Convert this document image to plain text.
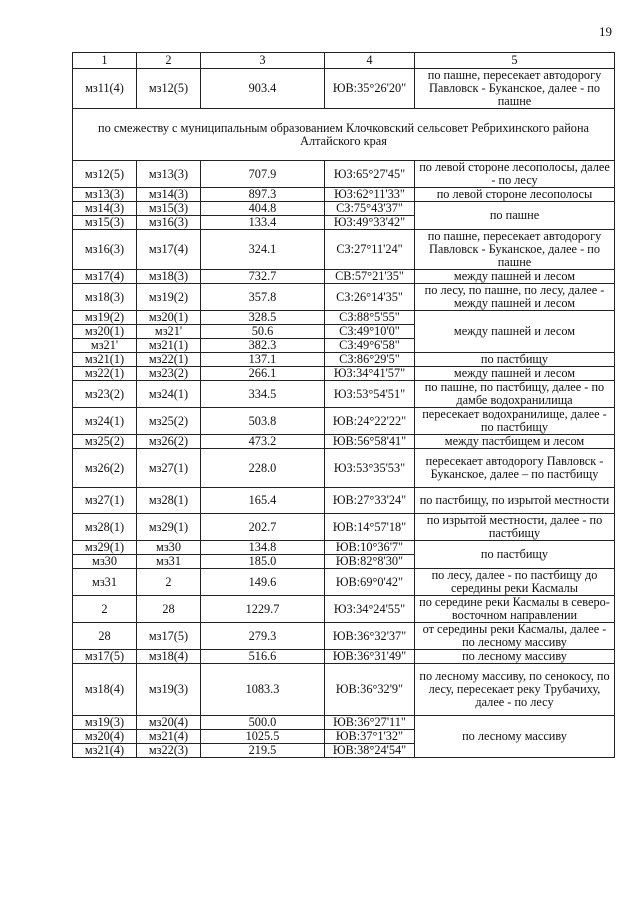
19
1	2	3	4	5
мз11(4)	мз12(5)	903.4	ЮВ:35°26'20"	по пашне, пересекает автодорогу Павловск - Буканское, далее - по пашне
по смежеству с муниципальным образованием Клочковский сельсовет Ребрихинского района Алтайского края				
мз12(5)	мз13(3)	707.9	ЮЗ:65°27'45"	по левой стороне лесополосы, далее - по лесу
мз13(3)	мз14(3)	897.3	ЮЗ:62°11'33"	по левой стороне лесополосы
мз14(3)	мз15(3)	404.8	СЗ:75°43'37"	по пашне
мз15(3)	мз16(3)	133.4	ЮЗ:49°33'42"	
мз16(3)	мз17(4)	324.1	СЗ:27°11'24"	по пашне, пересекает автодорогу Павловск - Буканское, далее - по пашне
мз17(4)	мз18(3)	732.7	СВ:57°21'35"	между пашней и лесом
мз18(3)	мз19(2)	357.8	СЗ:26°14'35"	по лесу, по пашне, по лесу, далее - между пашней и лесом
мз19(2)	мз20(1)	328.5	СЗ:88°5'55"	между пашней и лесом
мз20(1)	мз21'	50.6	СЗ:49°10'0"	
мз21'	мз21(1)	382.3	СЗ:49°6'58"	
мз21(1)	мз22(1)	137.1	СЗ:86°29'5"	по пастбищу
мз22(1)	мз23(2)	266.1	ЮЗ:34°41'57"	между пашней и лесом
мз23(2)	мз24(1)	334.5	ЮЗ:53°54'51"	по пашне, по пастбищу, далее - по дамбе водохранилища
мз24(1)	мз25(2)	503.8	ЮВ:24°22'22"	пересекает водохранилище, далее - по пастбищу
мз25(2)	мз26(2)	473.2	ЮВ:56°58'41"	между пастбищем и лесом
мз26(2)	мз27(1)	228.0	ЮЗ:53°35'53"	пересекает автодорогу Павловск - Буканское, далее – по пастбищу
мз27(1)	мз28(1)	165.4	ЮВ:27°33'24"	по пастбищу, по изрытой местности
мз28(1)	мз29(1)	202.7	ЮВ:14°57'18"	по изрытой местности, далее - по пастбищу
мз29(1)	мз30	134.8	ЮВ:10°36'7"	по пастбищу
мз30	мз31	185.0	ЮВ:82°8'30"	
мз31	2	149.6	ЮВ:69°0'42"	по лесу, далее - по пастбищу до середины реки Касмалы
2	28	1229.7	ЮЗ:34°24'55"	по середине реки Касмалы в северо-восточном направлении
28	мз17(5)	279.3	ЮВ:36°32'37"	от середины реки Касмалы, далее - по лесному массиву
мз17(5)	мз18(4)	516.6	ЮВ:36°31'49"	по лесному массиву
мз18(4)	мз19(3)	1083.3	ЮВ:36°32'9"	по лесному массиву, по сенокосу, по лесу, пересекает реку Трубачиху, далее - по лесу
мз19(3)	мз20(4)	500.0	ЮВ:36°27'11"	по лесному массиву
мз20(4)	мз21(4)	1025.5	ЮВ:37°1'32"	
мз21(4)	мз22(3)	219.5	ЮВ:38°24'54"	
